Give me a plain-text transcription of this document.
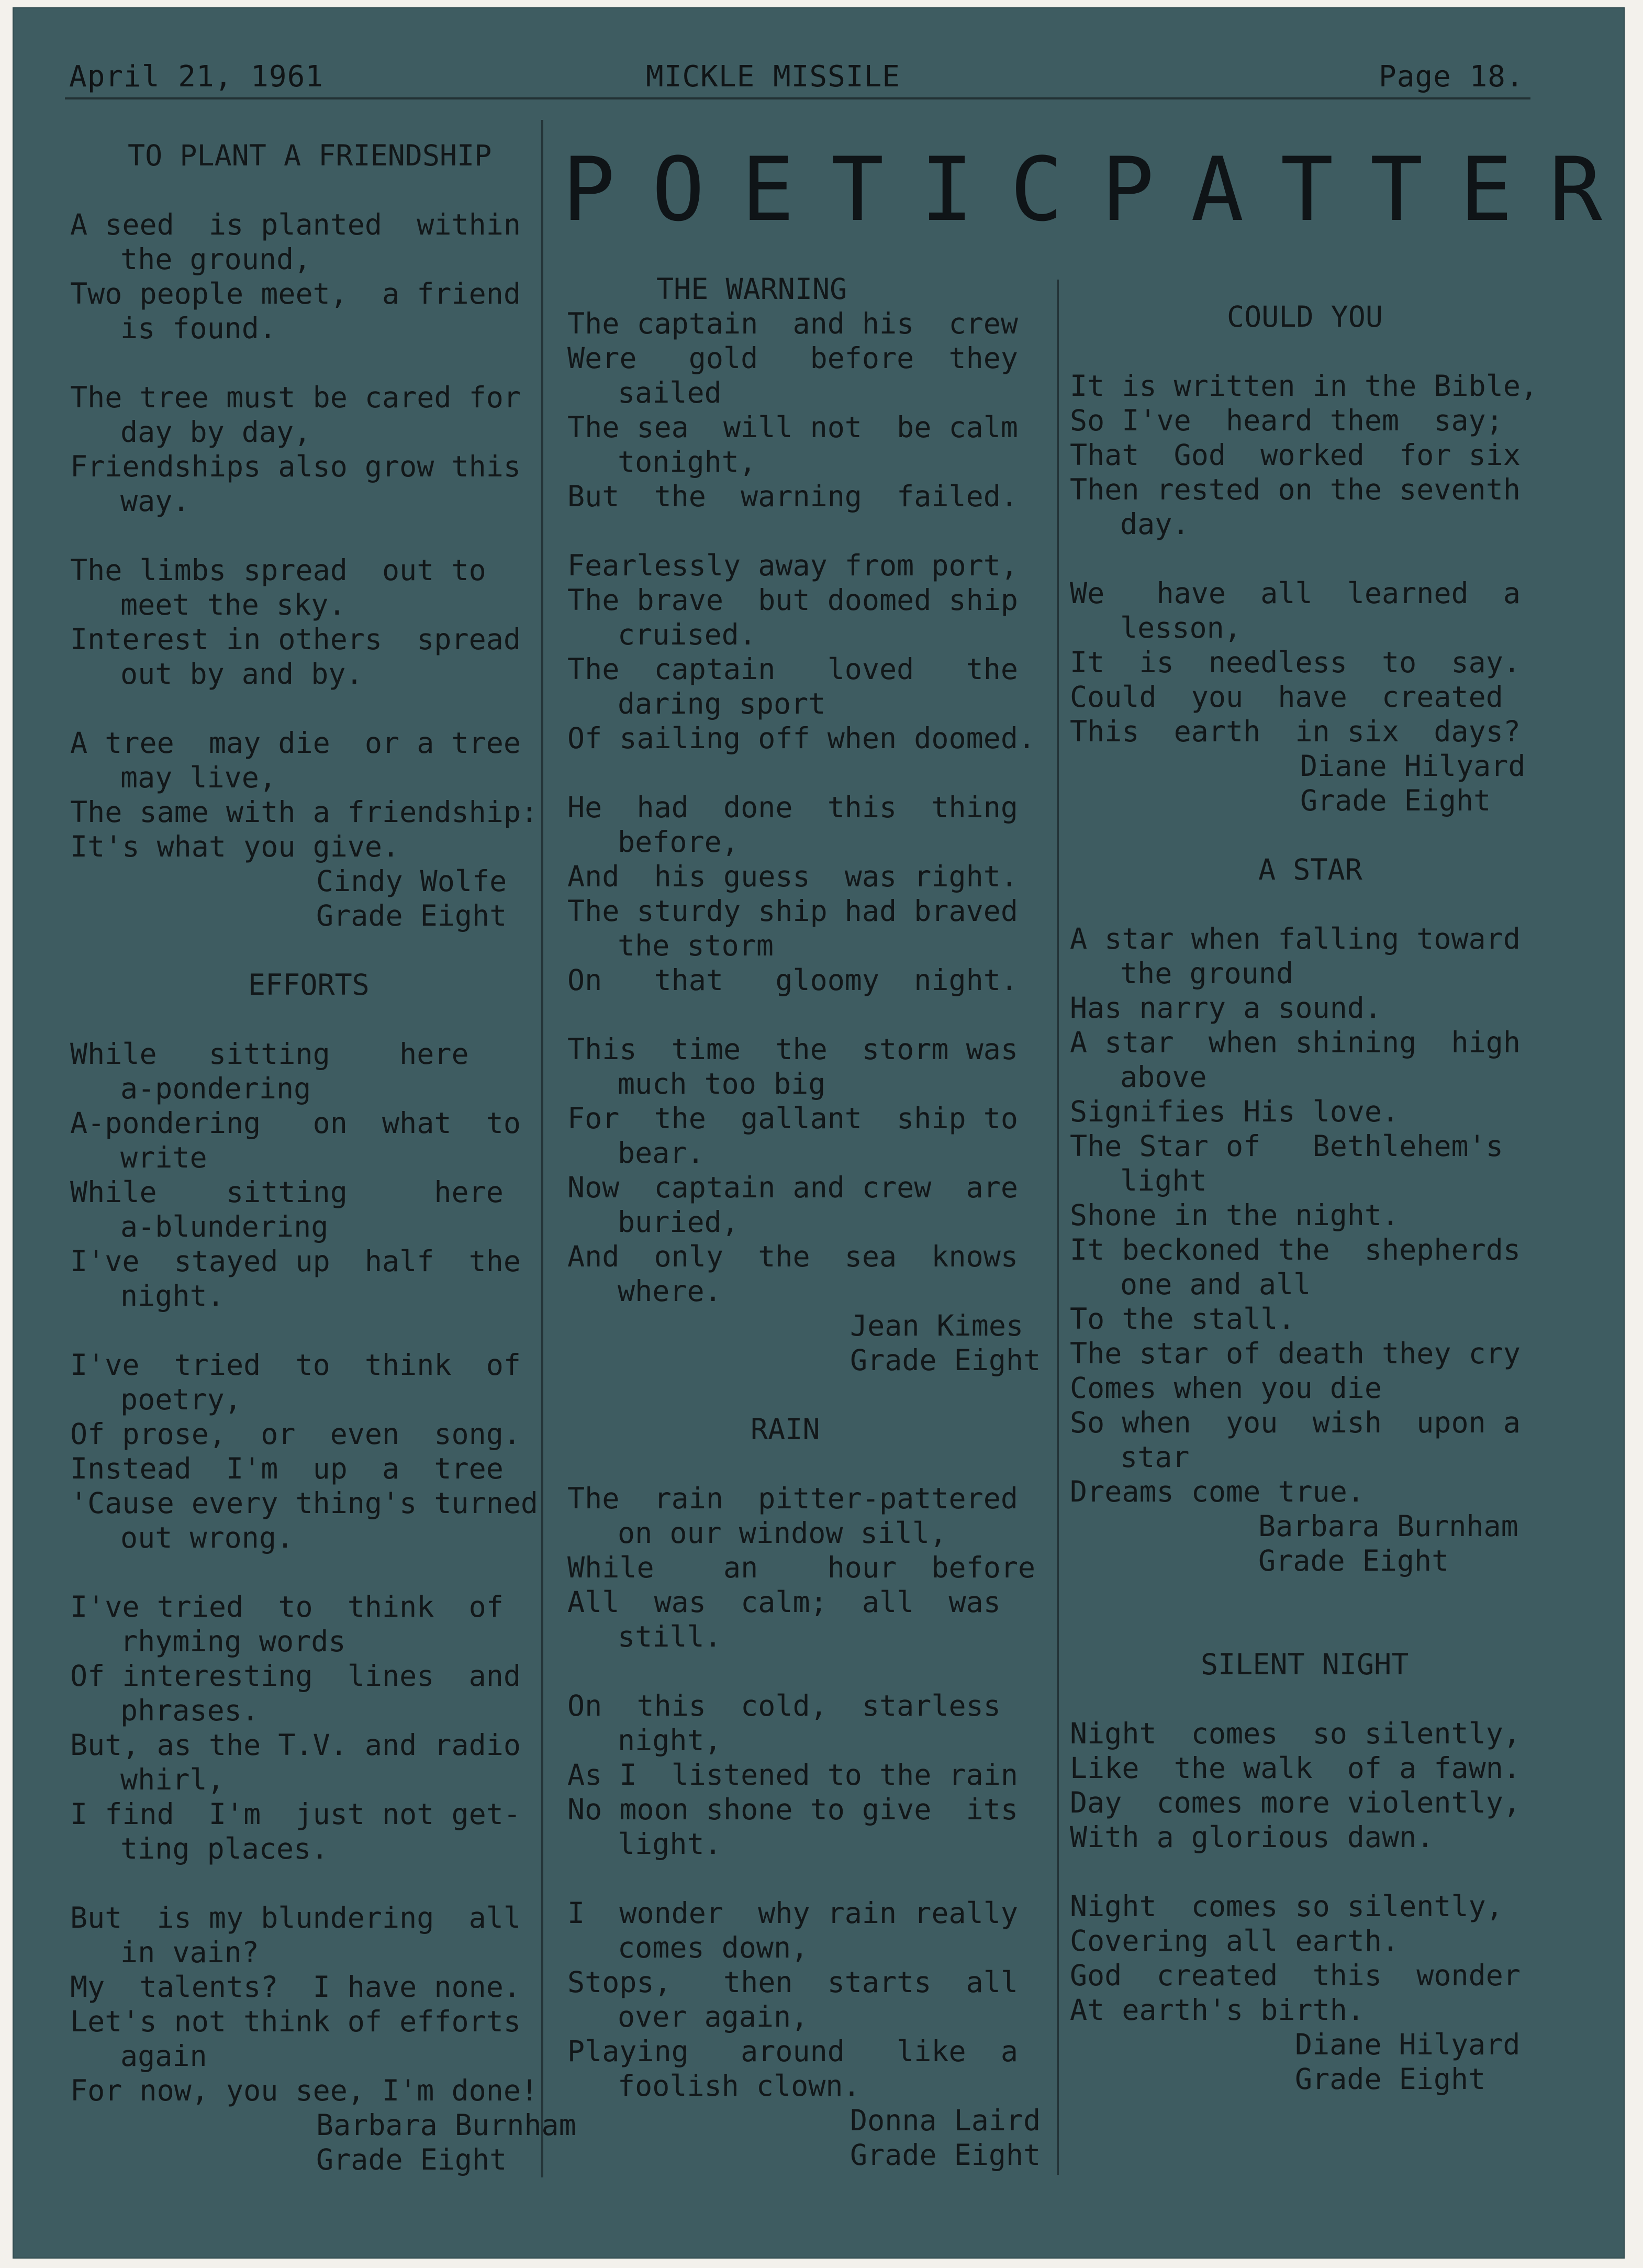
April 21, 1961	MICKLE MISSILE	Page 18.
POETIC PATTER
TO PLANT A FRIENDSHIP
A seed  is planted  within
the ground,
Two people meet,  a friend
is found.
The tree must be cared for
day by day,
Friendships also grow this
way.
The limbs spread  out to
meet the sky.
Interest in others  spread
out by and by.
A tree  may die  or a tree
may live,
The same with a friendship:
It's what you give.
Cindy Wolfe
Grade Eight
EFFORTS
While   sitting    here
a-pondering
A-pondering   on  what  to
write
While    sitting     here
a-blundering
I've  stayed up  half  the
night.
I've  tried  to  think  of
poetry,
Of prose,  or  even  song.
Instead  I'm  up  a  tree
'Cause every thing's turned
out wrong.
I've tried  to  think  of
rhyming words
Of interesting  lines  and
phrases.
But, as the T.V. and radio
whirl,
I find  I'm  just not get-
ting places.
But  is my blundering  all
in vain?
My  talents?  I have none.
Let's not think of efforts
again
For now, you see, I'm done!
Barbara Burnham
Grade Eight
THE WARNING
The captain  and his  crew
Were   gold   before  they
sailed
The sea  will not  be calm
tonight,
But  the  warning  failed.
Fearlessly away from port,
The brave  but doomed ship
cruised.
The  captain   loved   the
daring sport
Of sailing off when doomed.
He  had  done  this  thing
before,
And  his guess  was right.
The sturdy ship had braved
the storm
On   that   gloomy  night.
This  time  the  storm was
much too big
For  the  gallant  ship to
bear.
Now  captain and crew  are
buried,
And  only  the  sea  knows
where.
Jean Kimes
Grade Eight
RAIN
The  rain  pitter-pattered
on our window sill,
While    an    hour  before
All  was  calm;  all  was
still.
On  this  cold,  starless
night,
As I  listened to the rain
No moon shone to give  its
light.
I  wonder  why rain really
comes down,
Stops,   then  starts  all
over again,
Playing   around   like  a
foolish clown.
Donna Laird
Grade Eight
COULD YOU
It is written in the Bible,
So I've  heard them  say;
That  God  worked  for six
Then rested on the seventh
day.
We   have  all  learned  a
lesson,
It  is  needless  to  say.
Could  you  have  created
This  earth  in six  days?
Diane Hilyard
Grade Eight
A STAR
A star when falling toward
the ground
Has narry a sound.
A star  when shining  high
above
Signifies His love.
The Star of   Bethlehem's
light
Shone in the night.
It beckoned the  shepherds
one and all
To the stall.
The star of death they cry
Comes when you die
So when  you  wish  upon a
star
Dreams come true.
Barbara Burnham
Grade Eight
SILENT NIGHT
Night  comes  so silently,
Like  the walk  of a fawn.
Day  comes more violently,
With a glorious dawn.
Night  comes so silently,
Covering all earth.
God  created  this  wonder
At earth's birth.
Diane Hilyard
Grade Eight
